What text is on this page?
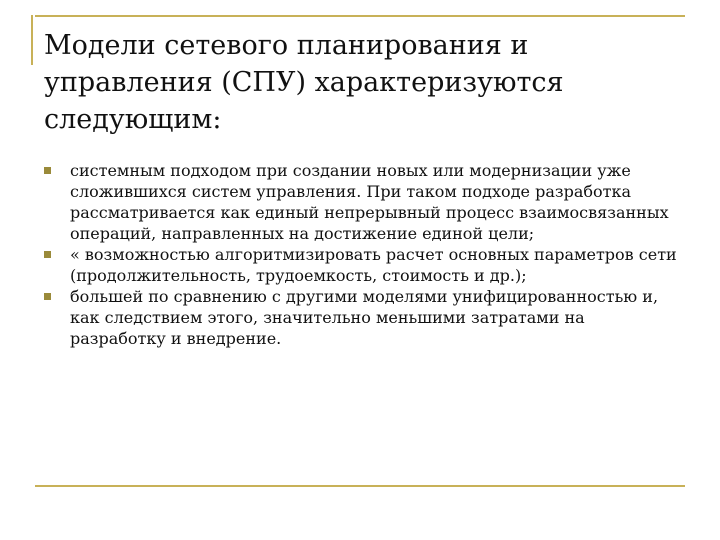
Модели сетевого планирования и управления (СПУ) характеризуются следующим:
системным подходом при создании новых или модернизации уже сложившихся систем управления. При таком подходе разработка рассматривается как единый непрерывный процесс взаимосвязанных операций, направленных на достижение единой цели;
« возможностью алгоритмизировать расчет основных параметров сети (продолжительность, трудоемкость, стоимость и др.);
большей по сравнению с другими моделями унифицированностью и, как следствием этого, значительно меньшими затратами на разработку и внедрение.
